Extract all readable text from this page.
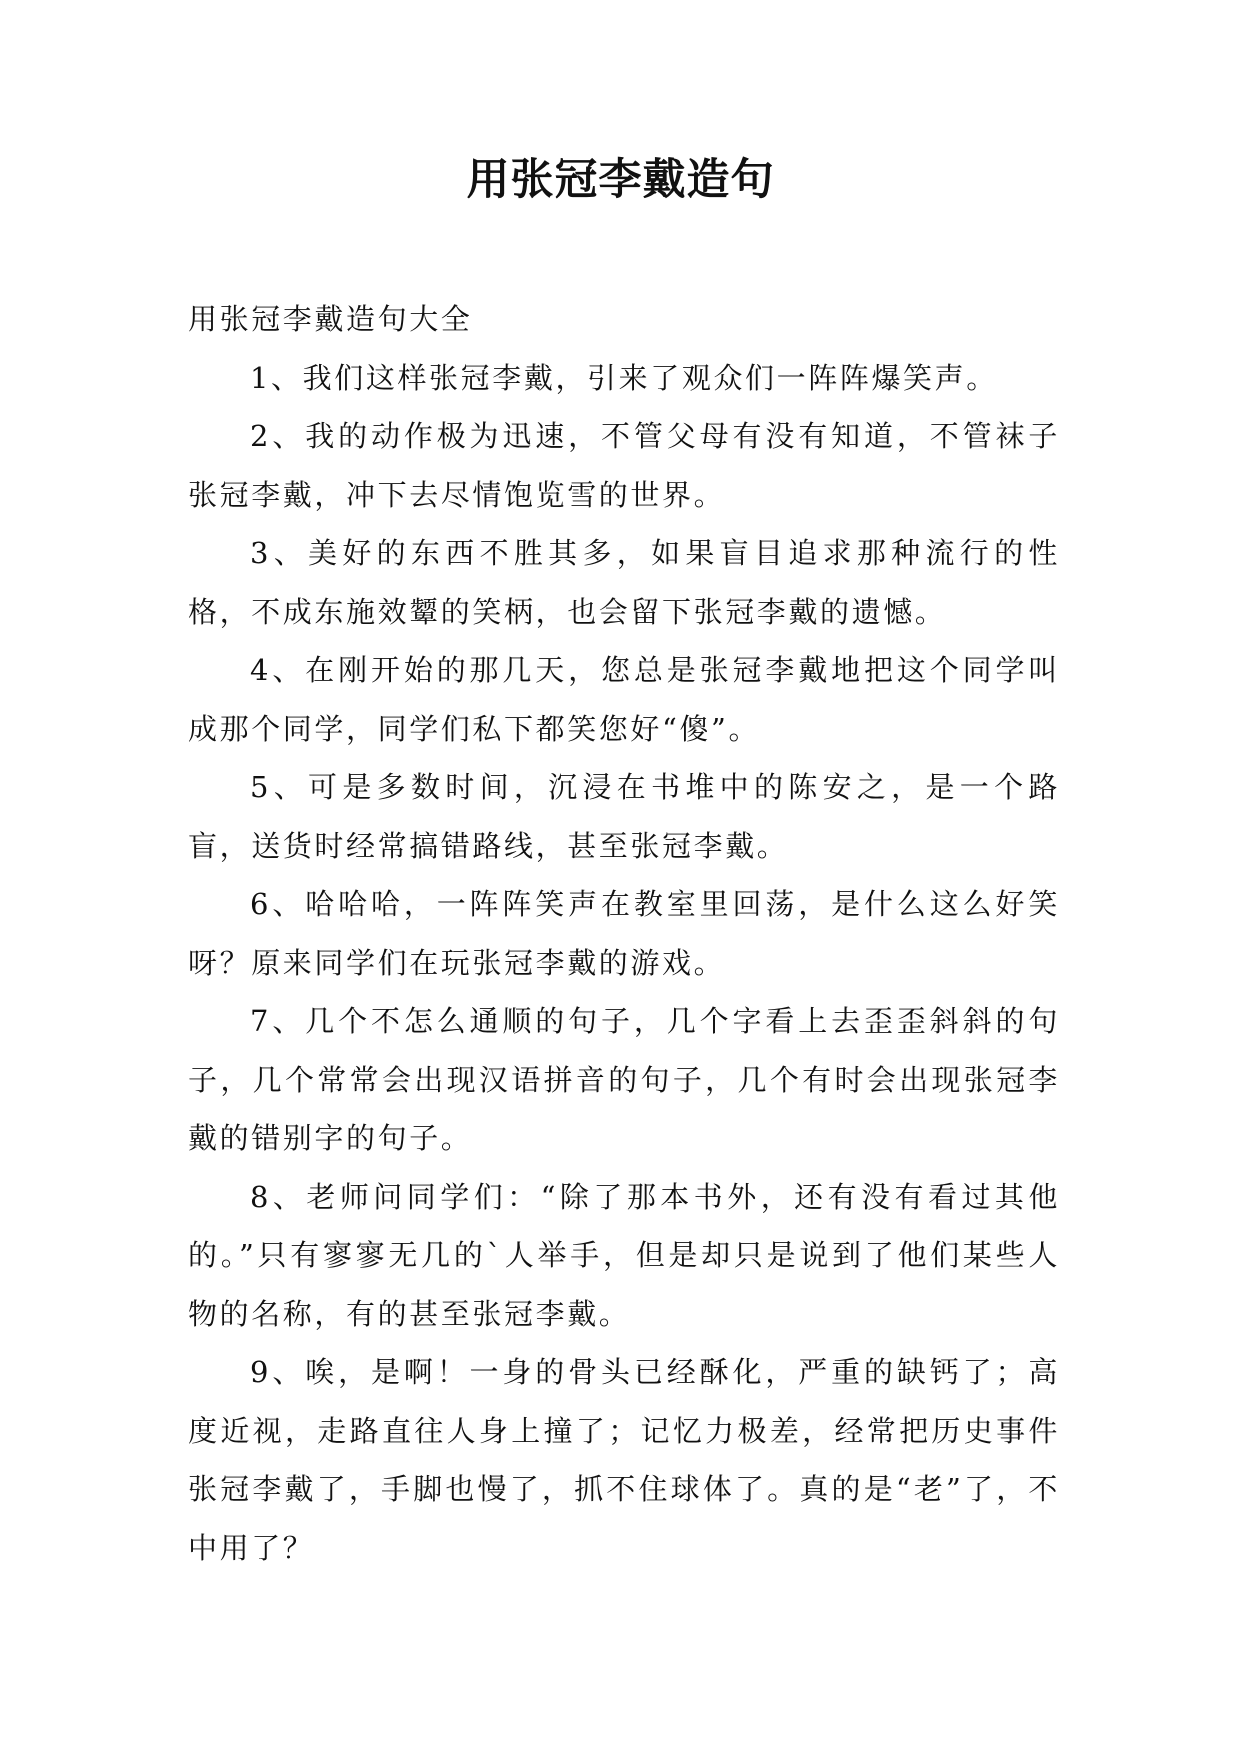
用张冠李戴造句

用张冠李戴造句大全

1、我们这样张冠李戴，引来了观众们一阵阵爆笑声。

2、我的动作极为迅速，不管父母有没有知道，不管袜子张冠李戴，冲下去尽情饱览雪的世界。

3、美好的东西不胜其多，如果盲目追求那种流行的性格，不成东施效颦的笑柄，也会留下张冠李戴的遗憾。

4、在刚开始的那几天，您总是张冠李戴地把这个同学叫成那个同学，同学们私下都笑您好“傻”。

5、可是多数时间，沉浸在书堆中的陈安之，是一个路盲，送货时经常搞错路线，甚至张冠李戴。

6、哈哈哈，一阵阵笑声在教室里回荡，是什么这么好笑呀？原来同学们在玩张冠李戴的游戏。

7、几个不怎么通顺的句子，几个字看上去歪歪斜斜的句子，几个常常会出现汉语拼音的句子，几个有时会出现张冠李戴的错别字的句子。

8、老师问同学们：“除了那本书外，还有没有看过其他的。”只有寥寥无几的`人举手，但是却只是说到了他们某些人物的名称，有的甚至张冠李戴。

9、唉，是啊！一身的骨头已经酥化，严重的缺钙了；高度近视，走路直往人身上撞了；记忆力极差，经常把历史事件张冠李戴了，手脚也慢了，抓不住球体了。真的是“老”了，不中用了？
